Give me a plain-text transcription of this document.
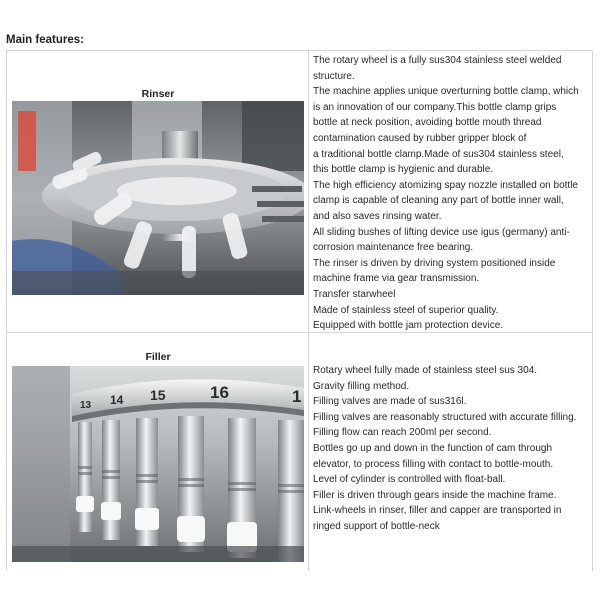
Main features:
Rinser
The rotary wheel is a fully sus304 stainless steel welded
structure.
The machine applies unique overturning bottle clamp, which
is an innovation of our company.This bottle clamp grips
bottle at neck position, avoiding bottle mouth thread
contamination caused by rubber gripper block of
a traditional bottle clamp.Made of sus304 stainless steel,
this bottle clamp is hygienic and durable.
The high efficiency atomizing spay nozzle installed on bottle
clamp is capable of cleaning any part of bottle inner wall,
and also saves rinsing water.
All sliding bushes of lifting device use igus (germany) anti-
corrosion maintenance free bearing.
The rinser is driven by driving system positioned inside
machine frame via gear transmission.
Transfer starwheel
Made of stainless steel of superior quality.
Equipped with bottle jam protection device.
Filler
13 14 15	16	1
Rotary wheel fully made of stainless steel sus 304.
Gravity filling method.
Filling valves are made of sus316l.
Filling valves are reasonably structured with accurate filling.
Filling flow can reach 200ml per second.
Bottles go up and down in the function of cam through
elevator, to process filling with contact to bottle-mouth.
Level of cylinder is controlled with float-ball.
Filler is driven through gears inside the machine frame.
Link-wheels in rinser, filler and capper are transported in
ringed support of bottle-neck
